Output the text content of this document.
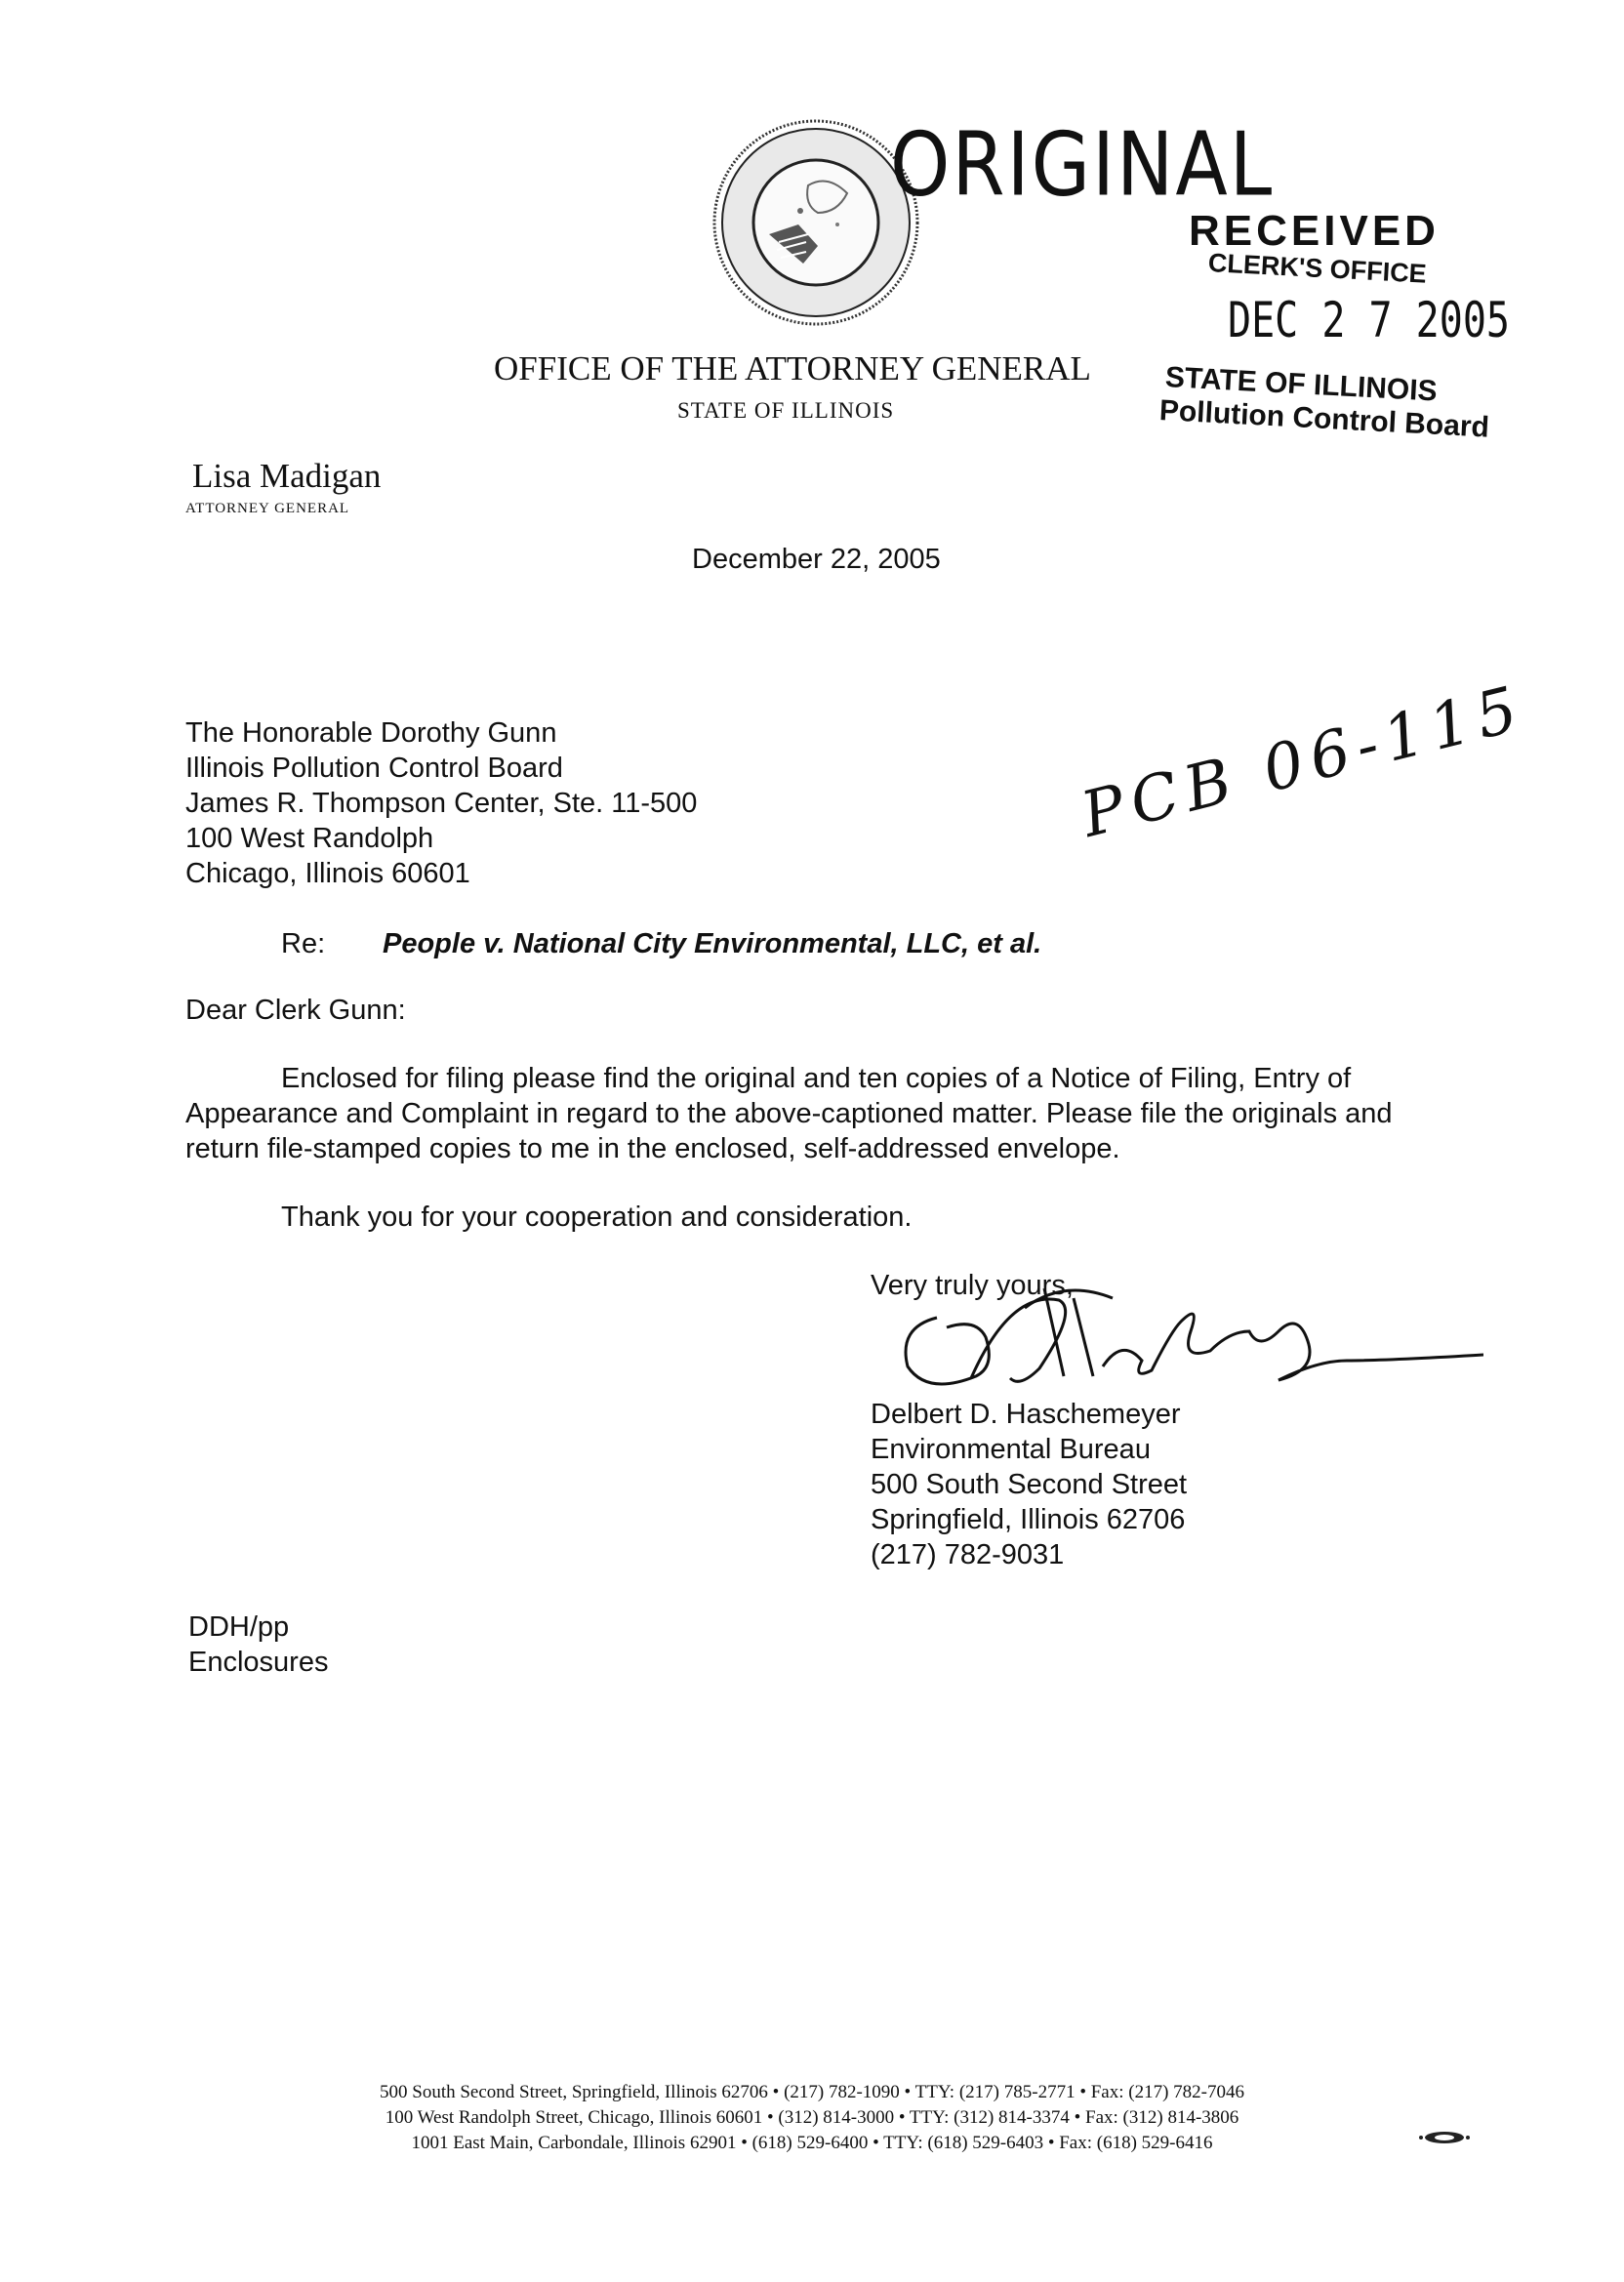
ORIGINAL
RECEIVED
CLERK'S OFFICE
DEC 2 7 2005
STATE OF ILLINOIS
Pollution Control Board
OFFICE OF THE ATTORNEY GENERAL
STATE OF ILLINOIS
Lisa Madigan
ATTORNEY GENERAL
December 22, 2005
PCB 06-115
The Honorable Dorothy Gunn
Illinois Pollution Control Board
James R. Thompson Center, Ste. 11-500
100 West Randolph
Chicago, Illinois 60601
Re: People v. National City Environmental, LLC, et al.
Dear Clerk Gunn:
Enclosed for filing please find the original and ten copies of a Notice of Filing, Entry of
Appearance and Complaint in regard to the above-captioned matter. Please file the originals and
return file-stamped copies to me in the enclosed, self-addressed envelope.
Thank you for your cooperation and consideration.
Very truly yours,
Delbert D. Haschemeyer
Environmental Bureau
500 South Second Street
Springfield, Illinois 62706
(217) 782-9031
DDH/pp
Enclosures
500 South Second Street, Springfield, Illinois 62706 • (217) 782-1090 • TTY: (217) 785-2771 • Fax: (217) 782-7046
100 West Randolph Street, Chicago, Illinois 60601 • (312) 814-3000 • TTY: (312) 814-3374 • Fax: (312) 814-3806
1001 East Main, Carbondale, Illinois 62901 • (618) 529-6400 • TTY: (618) 529-6403 • Fax: (618) 529-6416
